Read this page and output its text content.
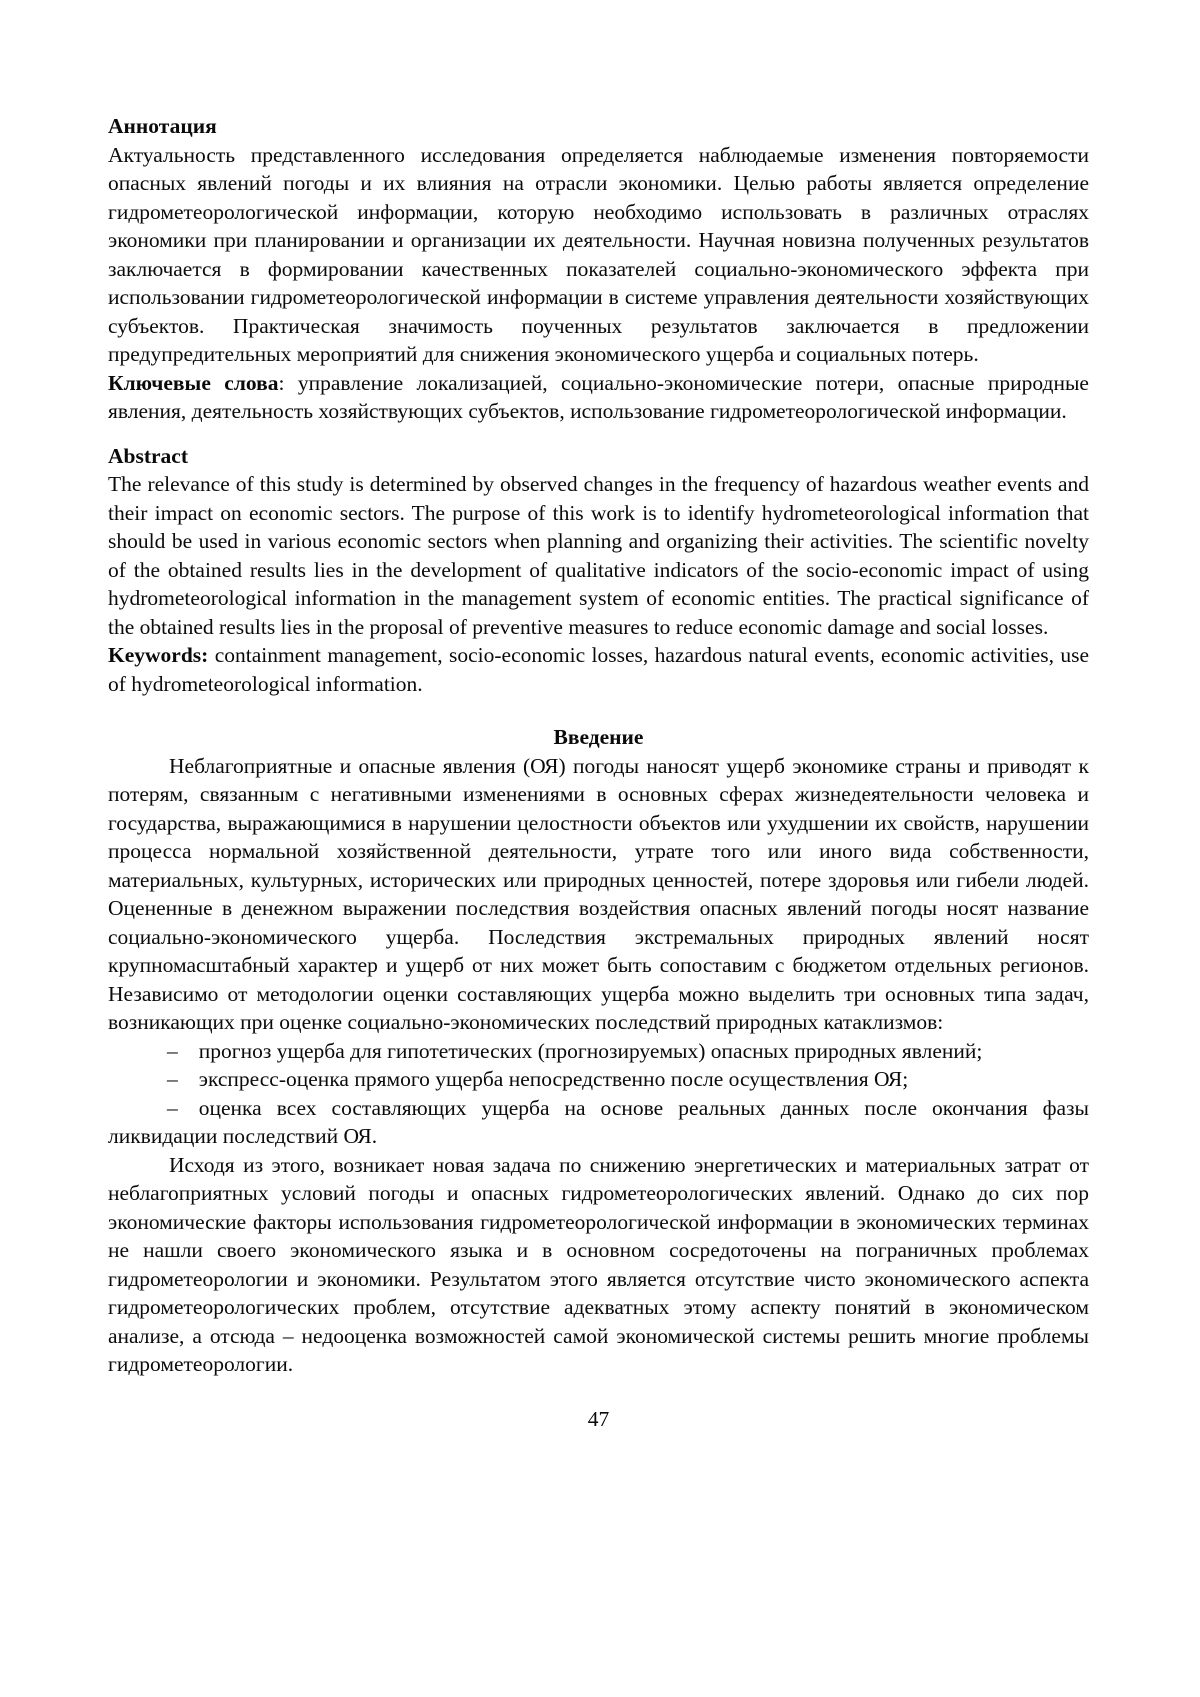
Аннотация

Актуальность представленного исследования определяется наблюдаемые изменения повторяемости опасных явлений погоды и их влияния на отрасли экономики. Целью работы является определение гидрометеорологической информации, которую необходимо использовать в различных отраслях экономики при планировании и организации их деятельности. Научная новизна полученных результатов заключается в формировании качественных показателей социально-экономического эффекта при использовании гидрометеорологической информации в системе управления деятельности хозяйствующих субъектов. Практическая значимость поученных результатов заключается в предложении предупредительных мероприятий для снижения экономического ущерба и социальных потерь.

Ключевые слова: управление локализацией, социально-экономические потери, опасные природные явления, деятельность хозяйствующих субъектов, использование гидрометеорологической информации.

Abstract

The relevance of this study is determined by observed changes in the frequency of hazardous weather events and their impact on economic sectors. The purpose of this work is to identify hydrometeorological information that should be used in various economic sectors when planning and organizing their activities. The scientific novelty of the obtained results lies in the development of qualitative indicators of the socio-economic impact of using hydrometeorological information in the management system of economic entities. The practical significance of the obtained results lies in the proposal of preventive measures to reduce economic damage and social losses.

Keywords: containment management, socio-economic losses, hazardous natural events, economic activities, use of hydrometeorological information.

Введение

Неблагоприятные и опасные явления (ОЯ) погоды наносят ущерб экономике страны и приводят к потерям, связанным с негативными изменениями в основных сферах жизнедеятельности человека и государства, выражающимися в нарушении целостности объектов или ухудшении их свойств, нарушении процесса нормальной хозяйственной деятельности, утрате того или иного вида собственности, материальных, культурных, исторических или природных ценностей, потере здоровья или гибели людей. Оцененные в денежном выражении последствия воздействия опасных явлений погоды носят название социально-экономического ущерба. Последствия экстремальных природных явлений носят крупномасштабный характер и ущерб от них может быть сопоставим с бюджетом отдельных регионов. Независимо от методологии оценки составляющих ущерба можно выделить три основных типа задач, возникающих при оценке социально-экономических последствий природных катаклизмов:

– прогноз ущерба для гипотетических (прогнозируемых) опасных природных явлений;

– экспресс-оценка прямого ущерба непосредственно после осуществления ОЯ;

– оценка всех составляющих ущерба на основе реальных данных после окончания фазы ликвидации последствий ОЯ.

Исходя из этого, возникает новая задача по снижению энергетических и материальных затрат от неблагоприятных условий погоды и опасных гидрометеорологических явлений. Однако до сих пор экономические факторы использования гидрометеорологической информации в экономических терминах не нашли своего экономического языка и в основном сосредоточены на пограничных проблемах гидрометеорологии и экономики. Результатом этого является отсутствие чисто экономического аспекта гидрометеорологических проблем, отсутствие адекватных этому аспекту понятий в экономическом анализе, а отсюда – недооценка возможностей самой экономической системы решить многие проблемы гидрометеорологии.

47
